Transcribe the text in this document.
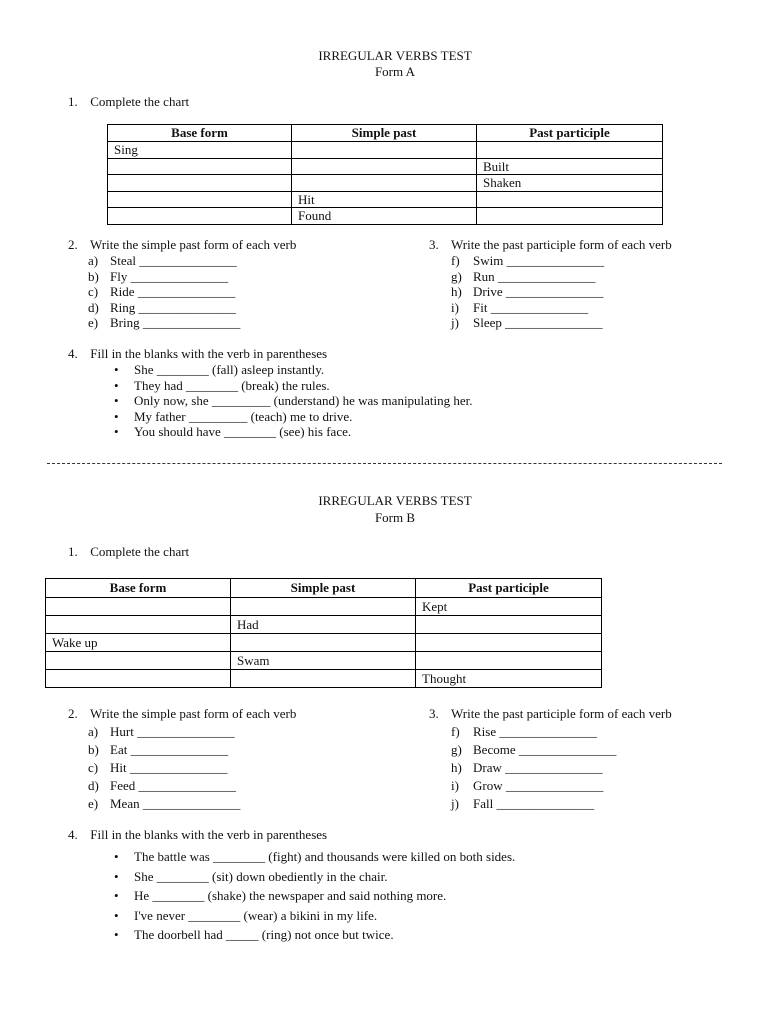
IRREGULAR VERBS TEST
Form A
1. Complete the chart
Base form	Simple past	Past participle
Sing		
		Built
		Shaken
	Hit	
	Found	
2. Write the simple past form of each verb
a) Steal _______________
b) Fly _______________
c) Ride _______________
d) Ring _______________
e) Bring _______________
3. Write the past participle form of each verb
f) Swim _______________
g) Run _______________
h) Drive _______________
i) Fit _______________
j) Sleep _______________
4. Fill in the blanks with the verb in parentheses
• She ________ (fall) asleep instantly.
• They had ________ (break) the rules.
• Only now, she _________ (understand) he was manipulating her.
• My father _________ (teach) me to drive.
• You should have ________ (see) his face.
IRREGULAR VERBS TEST
Form B
1. Complete the chart
Base form	Simple past	Past participle
		Kept
	Had	
Wake up		
	Swam	
		Thought
2. Write the simple past form of each verb
a) Hurt _______________
b) Eat _______________
c) Hit _______________
d) Feed _______________
e) Mean _______________
3. Write the past participle form of each verb
f) Rise _______________
g) Become _______________
h) Draw _______________
i) Grow _______________
j) Fall _______________
4. Fill in the blanks with the verb in parentheses
• The battle was ________ (fight) and thousands were killed on both sides.
• She ________ (sit) down obediently in the chair.
• He ________ (shake) the newspaper and said nothing more.
• I've never ________ (wear) a bikini in my life.
• The doorbell had _____ (ring) not once but twice.
